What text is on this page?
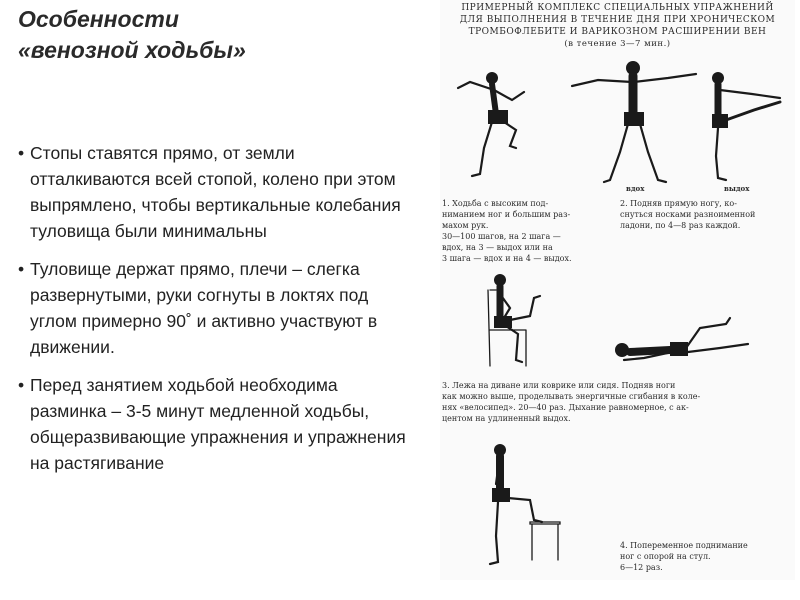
Особенности
«венозной ходьбы»
• Стопы ставятся прямо, от земли отталкиваются всей стопой, колено при этом выпрямлено, чтобы вертикальные колебания туловища были минимальны
• Туловище держат прямо, плечи – слегка развернутыми, руки согнуты в локтях под углом примерно 90˚ и активно участвуют в движении.
• Перед занятием ходьбой необходима разминка – 3-5 минут медленной ходьбы, общеразвивающие упражнения и упражнения на растягивание
ПРИМЕРНЫЙ КОМПЛЕКС СПЕЦИАЛЬНЫХ УПРАЖНЕНИЙ
ДЛЯ ВЫПОЛНЕНИЯ В ТЕЧЕНИЕ ДНЯ ПРИ ХРОНИЧЕСКОМ
ТРОМБОФЛЕБИТЕ И ВАРИКОЗНОМ РАСШИРЕНИИ ВЕН
(в течение 3—7 мин.)
вдох	выдох
1. Ходьба с высоким под-
ниманием ног и большим раз-
махом рук.
30—100 шагов, на 2 шага —
вдох, на 3 — выдох или на
3 шага — вдох и на 4 — выдох.
2. Подняв прямую ногу, ко-
снуться носками разноименной
ладони, по 4—8 раз каждой.
3. Лежа на диване или коврике или сидя. Подняв ноги
как можно выше, проделывать энергичные сгибания в коле-
нях «велосипед». 20—40 раз. Дыхание равномерное, с ак-
центом на удлиненный выдох.
4. Попеременное поднимание
ног с опорой на стул.
6—12 раз.
